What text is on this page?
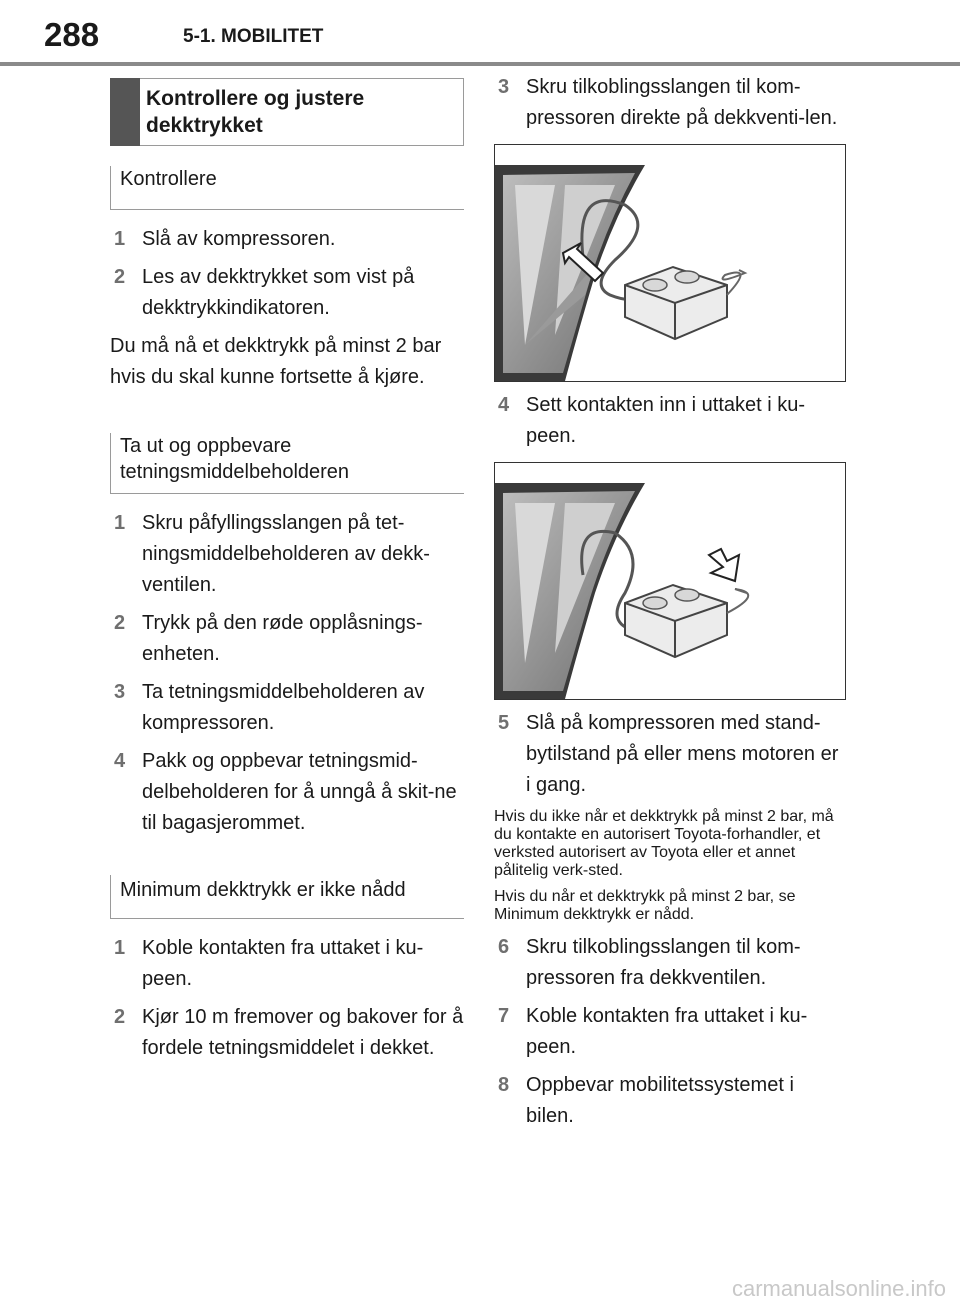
288	5-1. MOBILITET
Kontrollere og justere dekktrykket
Kontrollere
1 Slå av kompressoren.
2 Les av dekktrykket som vist på dekktrykkindikatoren.
Du må nå et dekktrykk på minst 2 bar hvis du skal kunne fortsette å kjøre.
Ta ut og oppbevare tetningsmiddelbeholderen
1 Skru påfyllingsslangen på tet-ningsmiddelbeholderen av dekk-ventilen.
2 Trykk på den røde opplåsnings-enheten.
3 Ta tetningsmiddelbeholderen av kompressoren.
4 Pakk og oppbevar tetningsmid-delbeholderen for å unngå å skit-ne til bagasjerommet.
Minimum dekktrykk er ikke nådd
1 Koble kontakten fra uttaket i ku-peen.
2 Kjør 10 m fremover og bakover for å fordele tetningsmiddelet i dekket.
3 Skru tilkoblingsslangen til kom-pressoren direkte på dekkventi-len.
4 Sett kontakten inn i uttaket i ku-peen.
5 Slå på kompressoren med stand-bytilstand på eller mens motoren er i gang.
Hvis du ikke når et dekktrykk på minst 2 bar, må du kontakte en autorisert Toyota-forhandler, et verksted autorisert av Toyota eller et annet pålitelig verk-sted.
Hvis du når et dekktrykk på minst 2 bar, se Minimum dekktrykk er nådd.
6 Skru tilkoblingsslangen til kom-pressoren fra dekkventilen.
7 Koble kontakten fra uttaket i ku-peen.
8 Oppbevar mobilitetssystemet i bilen.
carmanualsonline.info
